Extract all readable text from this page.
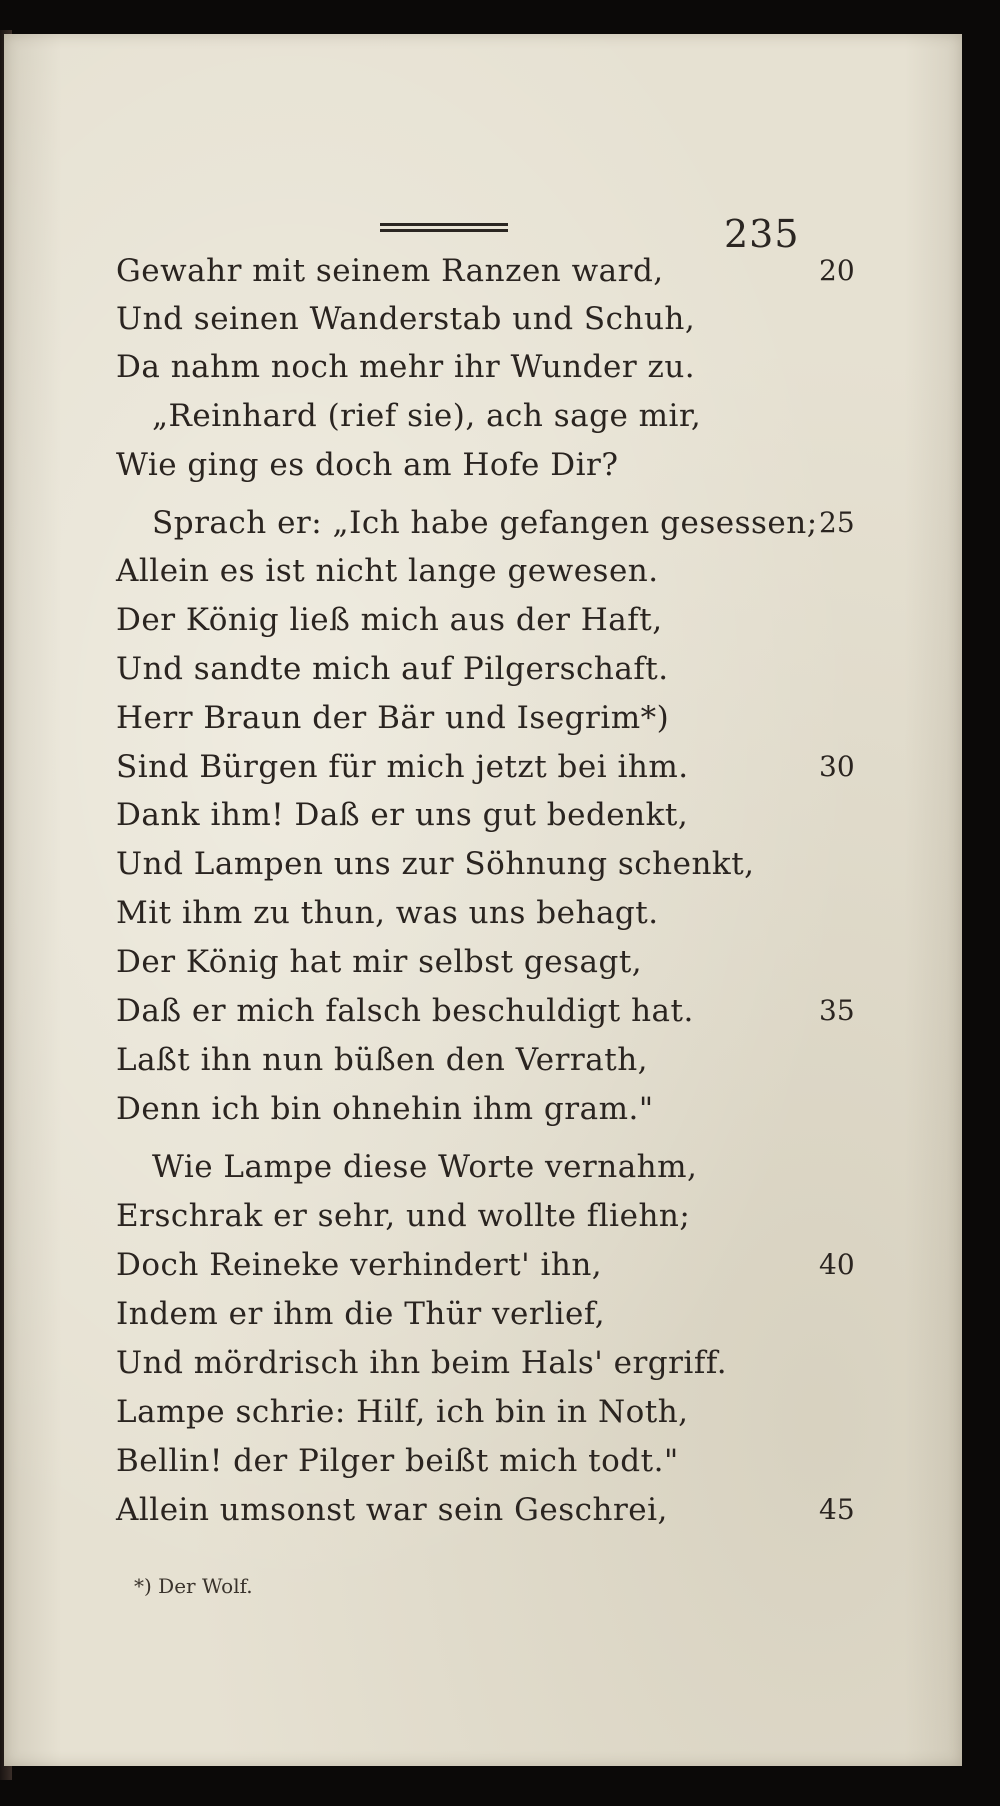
235
Gewahr mit seinem Ranzen ward,	20
Und seinen Wanderstab und Schuh,
Da nahm noch mehr ihr Wunder zu.
„Reinhard (rief sie), ach sage mir,
Wie ging es doch am Hofe Dir?
Sprach er: „Ich habe gefangen gesessen; 25
Allein es ist nicht lange gewesen.
Der König ließ mich aus der Haft,
Und sandte mich auf Pilgerschaft.
Herr Braun der Bär und Isegrim*)
Sind Bürgen für mich jetzt bei ihm.	30
Dank ihm! Daß er uns gut bedenkt,
Und Lampen uns zur Söhnung schenkt,
Mit ihm zu thun, was uns behagt.
Der König hat mir selbst gesagt,
Daß er mich falsch beschuldigt hat.	35
Laßt ihn nun büßen den Verrath,
Denn ich bin ohnehin ihm gram."
Wie Lampe diese Worte vernahm,
Erschrak er sehr, und wollte fliehn;
Doch Reineke verhindert' ihn,	40
Indem er ihm die Thür verlief,
Und mördrisch ihn beim Hals' ergriff.
Lampe schrie: Hilf, ich bin in Noth,
Bellin! der Pilger beißt mich todt."
Allein umsonst war sein Geschrei,	45
*) Der Wolf.
